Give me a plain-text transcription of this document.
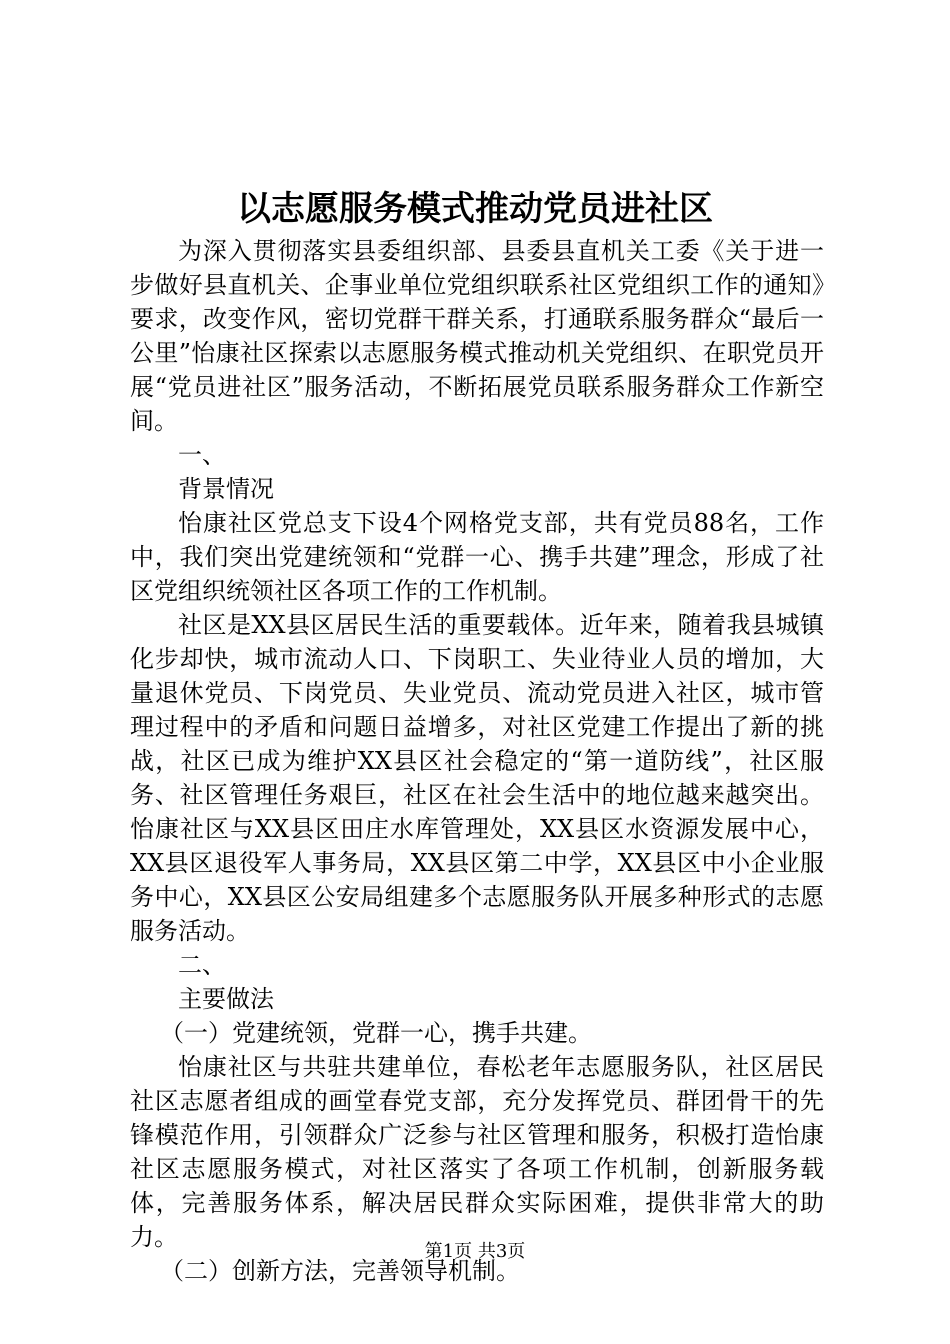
以志愿服务模式推动党员进社区

为深入贯彻落实县委组织部、县委县直机关工委《关于进一步做好县直机关、企事业单位党组织联系社区党组织工作的通知》要求，改变作风，密切党群干群关系，打通联系服务群众“最后一公里”怡康社区探索以志愿服务模式推动机关党组织、在职党员开展“党员进社区”服务活动，不断拓展党员联系服务群众工作新空间。

一、

背景情况

怡康社区党总支下设4个网格党支部，共有党员88名，工作中，我们突出党建统领和“党群一心、携手共建”理念，形成了社区党组织统领社区各项工作的工作机制。

社区是XX县区居民生活的重要载体。近年来，随着我县城镇化步却快，城市流动人口、下岗职工、失业待业人员的增加，大量退休党员、下岗党员、失业党员、流动党员进入社区，城市管理过程中的矛盾和问题日益增多，对社区党建工作提出了新的挑战，社区已成为维护XX县区社会稳定的“第一道防线”，社区服务、社区管理任务艰巨，社区在社会生活中的地位越来越突出。怡康社区与XX县区田庄水库管理处，XX县区水资源发展中心，XX县区退役军人事务局，XX县区第二中学，XX县区中小企业服务中心，XX县区公安局组建多个志愿服务队开展多种形式的志愿服务活动。

二、

主要做法

（一）党建统领，党群一心，携手共建。

怡康社区与共驻共建单位，春松老年志愿服务队，社区居民社区志愿者组成的画堂春党支部，充分发挥党员、群团骨干的先锋模范作用，引领群众广泛参与社区管理和服务，积极打造怡康社区志愿服务模式，对社区落实了各项工作机制，创新服务载体，完善服务体系，解决居民群众实际困难，提供非常大的助力。

（二）创新方法，完善领导机制。

第1页 共3页
